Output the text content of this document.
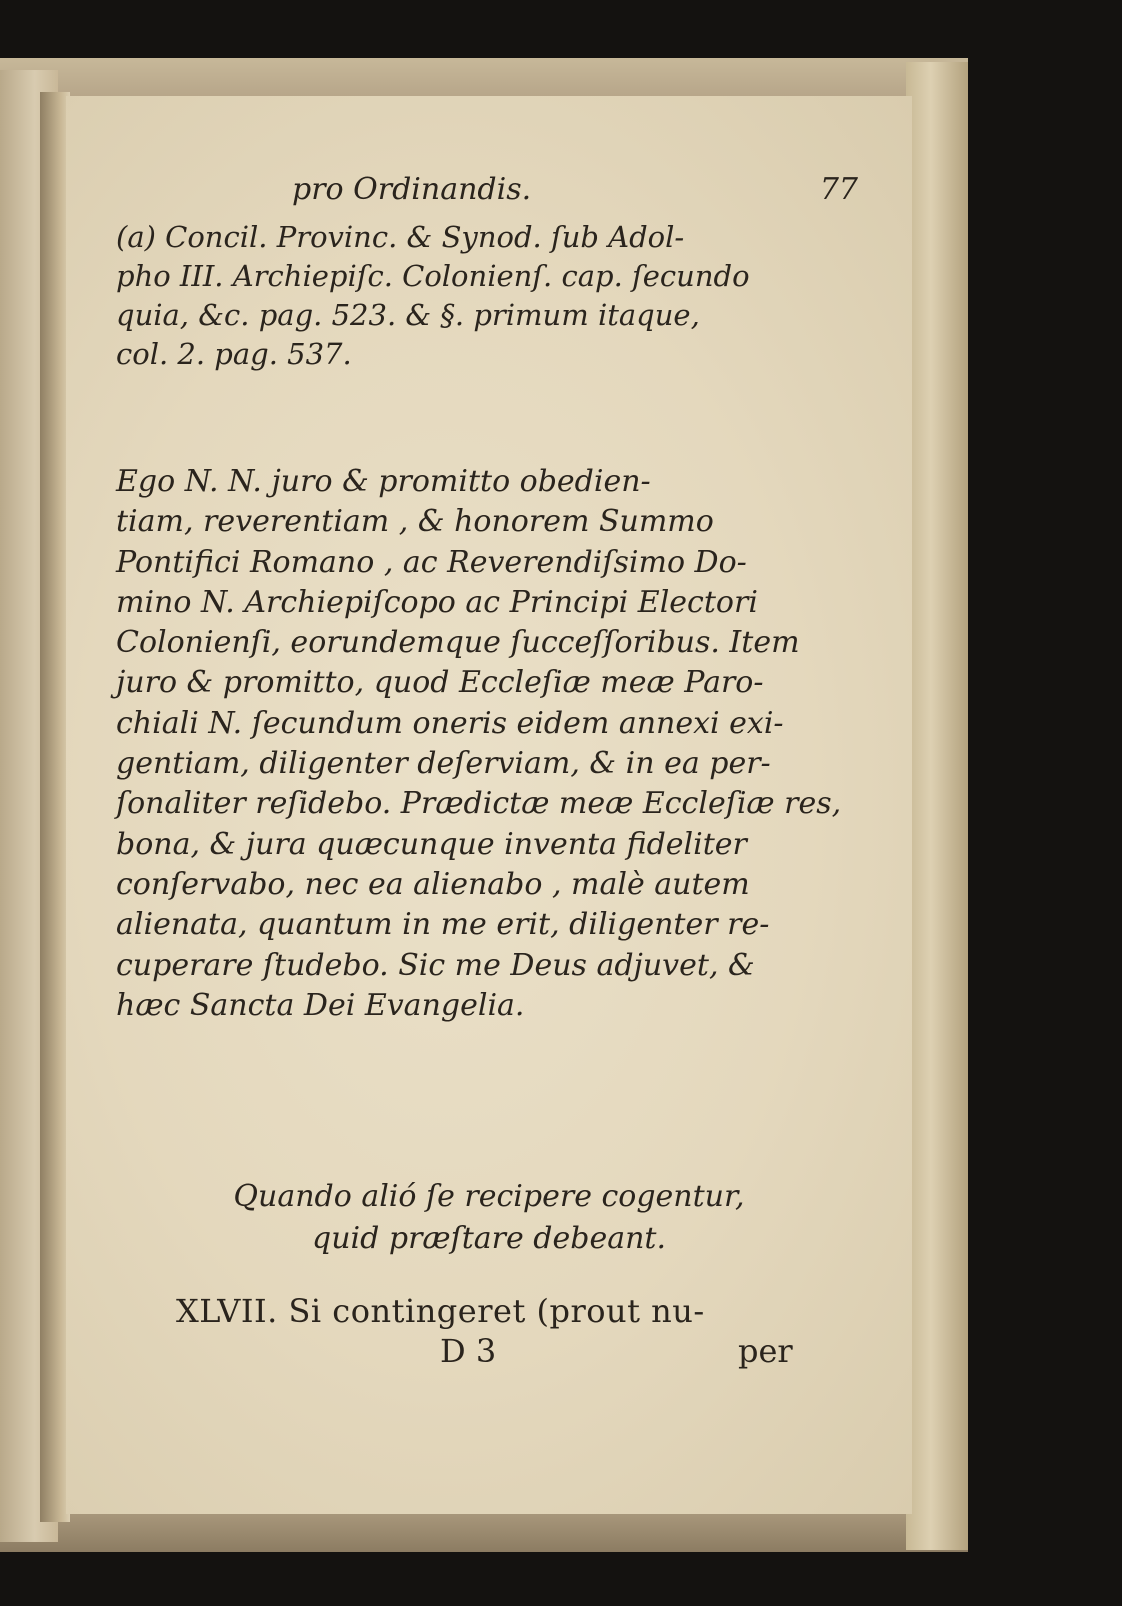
pro Ordinandis.	77

(a) Concil. Provinc. & Synod. ſub Adol-
pho III. Archiepiſc. Colonienſ. cap. ſecundo
quia, &c. pag. 523. & §. primum itaque,
col. 2. pag. 537.

Ego N. N. juro & promitto obedien-
tiam, reverentiam , & honorem Summo
Pontifici Romano , ac Reverendiſsimo Do-
mino N. Archiepiſcopo ac Principi Electori
Colonienſi, eorundemque ſucceſſoribus. Item
juro & promitto, quod Eccleſiæ meæ Paro-
chiali N. ſecundum oneris eidem annexi exi-
gentiam, diligenter deſerviam, & in ea per-
ſonaliter reſidebo. Prædictæ meæ Eccleſiæ res,
bona, & jura quæcunque inventa fideliter
conſervabo, nec ea alienabo , malè autem
alienata, quantum in me erit, diligenter re-
cuperare ſtudebo. Sic me Deus adjuvet, &
hæc Sancta Dei Evangelia.

Quando alió ſe recipere cogentur,
quid præſtare debeant.

XLVII. Si contingeret (prout nu-

D 3	per
